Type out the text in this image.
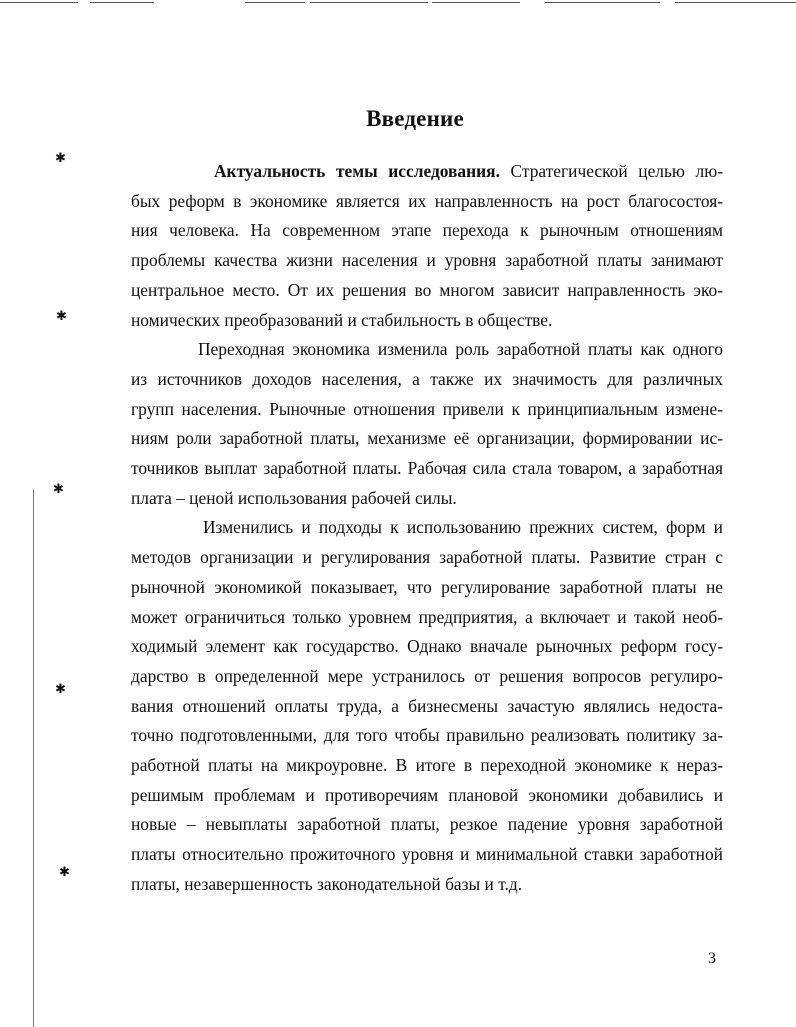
✱
✱
✱
✱
✱
Введение

Актуальность темы исследования. Стратегической целью лю-
бых реформ в экономике является их направленность на рост благосостоя-
ния человека. На современном этапе перехода к рыночным отношениям
проблемы качества жизни населения и уровня заработной платы занимают
центральное место. От их решения во многом зависит направленность эко-
номических преобразований и стабильность в обществе.

Переходная экономика изменила роль заработной платы как одного
из источников доходов населения, а также их значимость для различных
групп населения. Рыночные отношения привели к принципиальным измене-
ниям роли заработной платы, механизме её организации, формировании ис-
точников выплат заработной платы. Рабочая сила стала товаром, а заработная
плата – ценой использования рабочей силы.

Изменились и подходы к использованию прежних систем, форм и
методов организации и регулирования заработной платы. Развитие стран с
рыночной экономикой показывает, что регулирование заработной платы не
может ограничиться только уровнем предприятия, а включает и такой необ-
ходимый элемент как государство. Однако вначале рыночных реформ госу-
дарство в определенной мере устранилось от решения вопросов регулиро-
вания отношений оплаты труда, а бизнесмены зачастую являлись недоста-
точно подготовленными, для того чтобы правильно реализовать политику за-
работной платы на микроуровне. В итоге в переходной экономике к нераз-
решимым проблемам и противоречиям плановой экономики добавились и
новые – невыплаты заработной платы, резкое падение уровня заработной
платы относительно прожиточного уровня и минимальной ставки заработной
платы, незавершенность законодательной базы и т.д.

3
